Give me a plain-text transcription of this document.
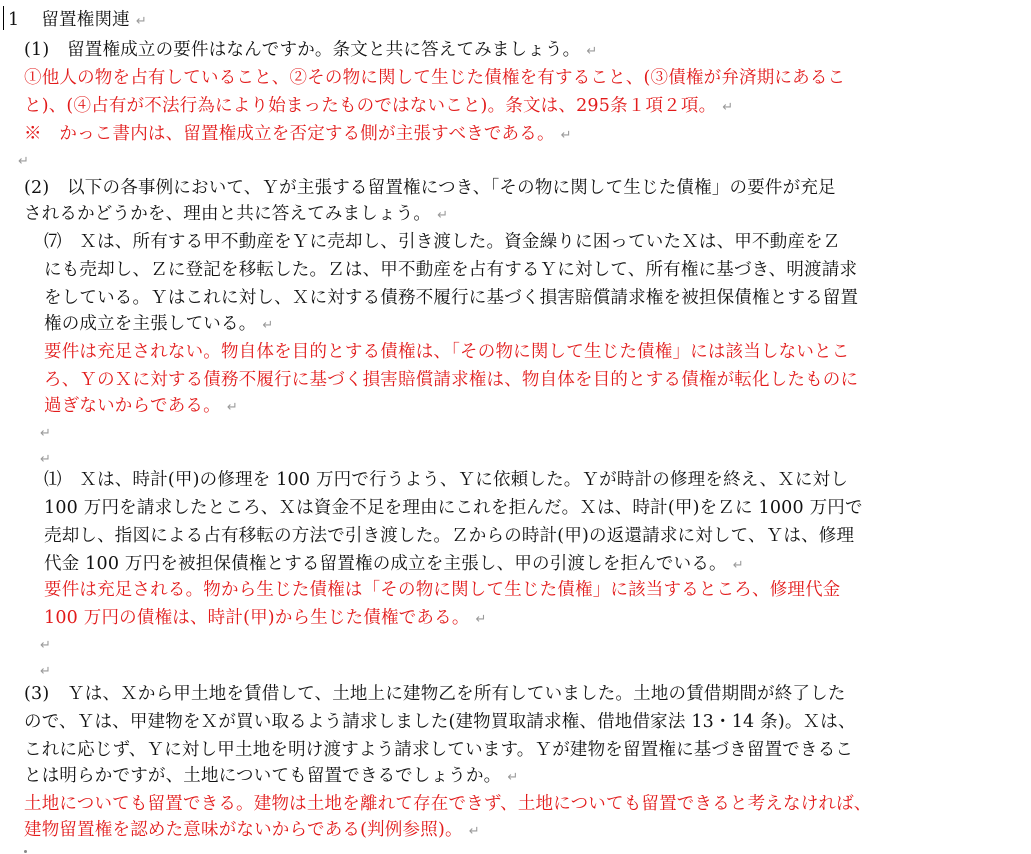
1 留置権関連 ↵
(1)　留置権成立の要件はなんですか。条文と共に答えてみましょう。 ↵
①他人の物を占有していること、②その物に関して生じた債権を有すること、(③債権が弁済期にあるこ
と)、(④占有が不法行為により始まったものではないこと)。条文は、295条１項２項。 ↵
※　かっこ書内は、留置権成立を否定する側が主張すべきである。 ↵
↵
(2)　以下の各事例において、Ｙが主張する留置権につき、「その物に関して生じた債権」の要件が充足
されるかどうかを、理由と共に答えてみましょう。 ↵
⑺　Ｘは、所有する甲不動産をＹに売却し、引き渡した。資金繰りに困っていたＸは、甲不動産をＺ
にも売却し、Ｚに登記を移転した。Ｚは、甲不動産を占有するＹに対して、所有権に基づき、明渡請求
をしている。Ｙはこれに対し、Ｘに対する債務不履行に基づく損害賠償請求権を被担保債権とする留置
権の成立を主張している。 ↵
要件は充足されない。物自体を目的とする債権は、「その物に関して生じた債権」には該当しないとこ
ろ、ＹのＸに対する債務不履行に基づく損害賠償請求権は、物自体を目的とする債権が転化したものに
過ぎないからである。 ↵
↵
↵
⑴　Ｘは、時計(甲)の修理を 100 万円で行うよう、Ｙに依頼した。Ｙが時計の修理を終え、Ｘに対し
100 万円を請求したところ、Ｘは資金不足を理由にこれを拒んだ。Ｘは、時計(甲)をＺに 1000 万円で
売却し、指図による占有移転の方法で引き渡した。Ｚからの時計(甲)の返還請求に対して、Ｙは、修理
代金 100 万円を被担保債権とする留置権の成立を主張し、甲の引渡しを拒んでいる。 ↵
要件は充足される。物から生じた債権は「その物に関して生じた債権」に該当するところ、修理代金
100 万円の債権は、時計(甲)から生じた債権である。 ↵
↵
↵
(3)　Ｙは、Ｘから甲土地を賃借して、土地上に建物乙を所有していました。土地の賃借期間が終了した
ので、Ｙは、甲建物をＸが買い取るよう請求しました(建物買取請求権、借地借家法 13・14 条)。Ｘは、
これに応じず、Ｙに対し甲土地を明け渡すよう請求しています。Ｙが建物を留置権に基づき留置できるこ
とは明らかですが、土地についても留置できるでしょうか。 ↵
土地についても留置できる。建物は土地を離れて存在できず、土地についても留置できると考えなければ、
建物留置権を認めた意味がないからである(判例参照)。 ↵
